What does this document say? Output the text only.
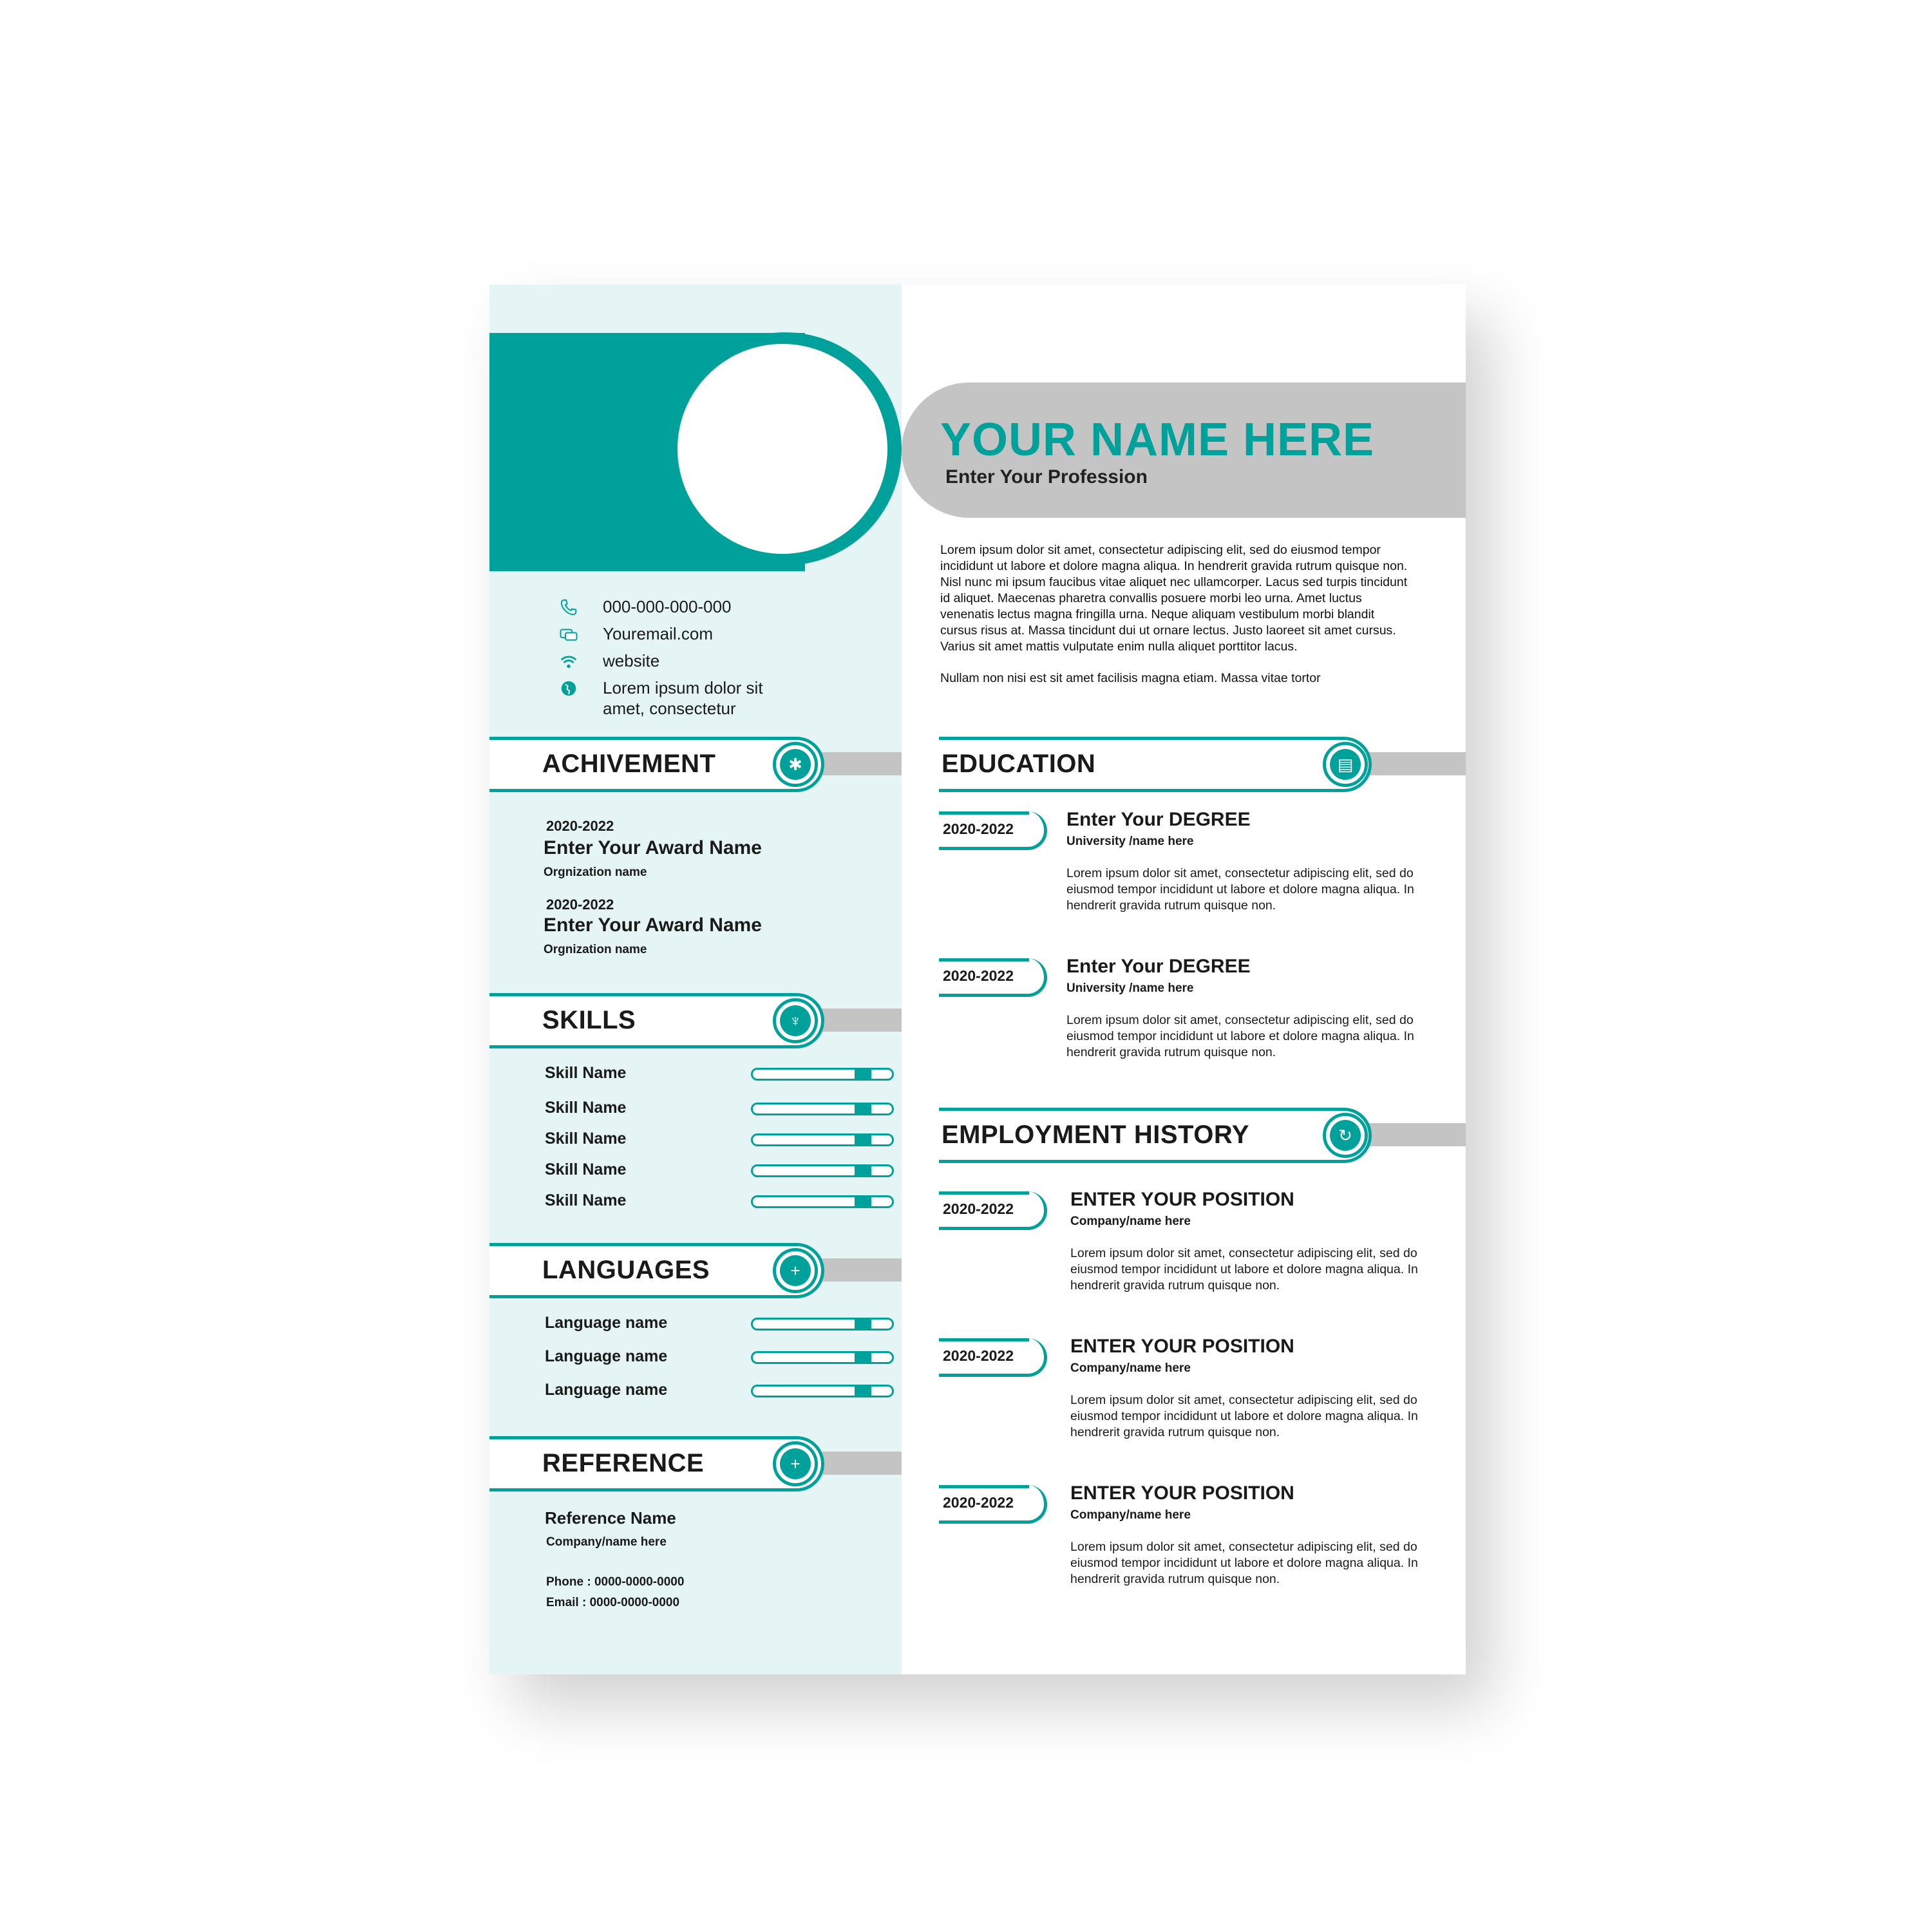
YOUR NAME HERE
Enter Your Profession

Lorem ipsum dolor sit amet, consectetur adipiscing elit, sed do eiusmod tempor incididunt ut labore et dolore magna aliqua. In hendrerit gravida rutrum quisque non. Nisl nunc mi ipsum faucibus vitae aliquet nec ullamcorper. Lacus sed turpis tincidunt id aliquet. Maecenas pharetra convallis posuere morbi leo urna. Amet luctus venenatis lectus magna fringilla urna. Neque aliquam vestibulum morbi blandit cursus risus at. Massa tincidunt dui ut ornare lectus. Justo laoreet sit amet cursus. Varius sit amet mattis vulputate enim nulla aliquet porttitor lacus.

Nullam non nisi est sit amet facilisis magna etiam. Massa vitae tortor

000-000-000-000
Youremail.com
website
Lorem ipsum dolor sit amet, consectetur
ACHIVEMENT	✱
2020-2022
Enter Your Award Name
Orgnization name
2020-2022
Enter Your Award Name
Orgnization name
SKILLS	♆
Skill Name
Skill Name
Skill Name
Skill Name
Skill Name
LANGUAGES	+
Language name
Language name
Language name
REFERENCE	+
Reference Name
Company/name here
Phone : 0000-0000-0000
Email : 0000-0000-0000
EDUCATION	▤
EMPLOYMENT HISTORY	↻
2020-2022	Enter Your DEGREE
University /name here
Lorem ipsum dolor sit amet, consectetur adipiscing elit, sed do eiusmod tempor incididunt ut labore et dolore magna aliqua. In hendrerit gravida rutrum quisque non.
2020-2022	Enter Your DEGREE
University /name here
Lorem ipsum dolor sit amet, consectetur adipiscing elit, sed do eiusmod tempor incididunt ut labore et dolore magna aliqua. In hendrerit gravida rutrum quisque non.
2020-2022	ENTER YOUR POSITION
Company/name here
Lorem ipsum dolor sit amet, consectetur adipiscing elit, sed do eiusmod tempor incididunt ut labore et dolore magna aliqua. In hendrerit gravida rutrum quisque non.
2020-2022	ENTER YOUR POSITION
Company/name here
Lorem ipsum dolor sit amet, consectetur adipiscing elit, sed do eiusmod tempor incididunt ut labore et dolore magna aliqua. In hendrerit gravida rutrum quisque non.
2020-2022	ENTER YOUR POSITION
Company/name here
Lorem ipsum dolor sit amet, consectetur adipiscing elit, sed do eiusmod tempor incididunt ut labore et dolore magna aliqua. In hendrerit gravida rutrum quisque non.
